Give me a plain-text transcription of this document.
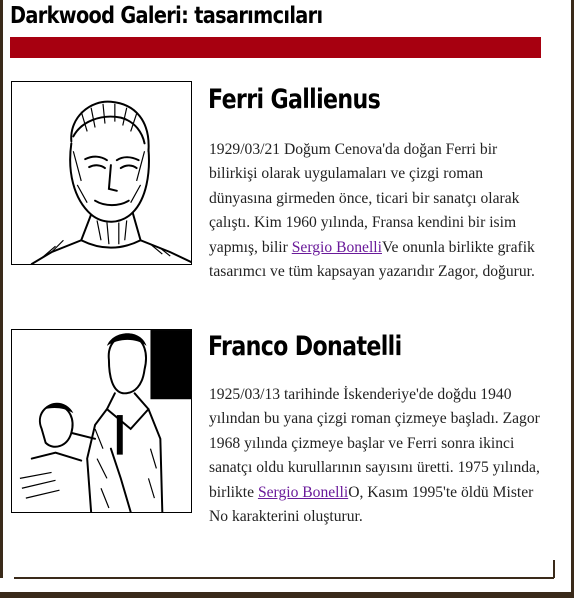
Darkwood Galeri: tasarımcıları
Ferri Gallienus

1929/03/21 Doğum Cenova'da doğan Ferri bir bilirkişi olarak uygulamaları ve çizgi roman dünyasına girmeden önce, ticari bir sanatçı olarak çalıştı. Kim 1960 yılında, Fransa kendini bir isim yapmış, bilir Sergio BonelliVe onunla birlikte grafik tasarımcı ve tüm kapsayan yazarıdır Zagor, doğurur.

Franco Donatelli

1925/03/13 tarihinde İskenderiye'de doğdu 1940 yılından bu yana çizgi roman çizmeye başladı. Zagor 1968 yılında çizmeye başlar ve Ferri sonra ikinci sanatçı oldu kurullarının sayısını üretti. 1975 yılında, birlikte Sergio BonelliO, Kasım 1995'te öldü Mister No karakterini oluşturur.
